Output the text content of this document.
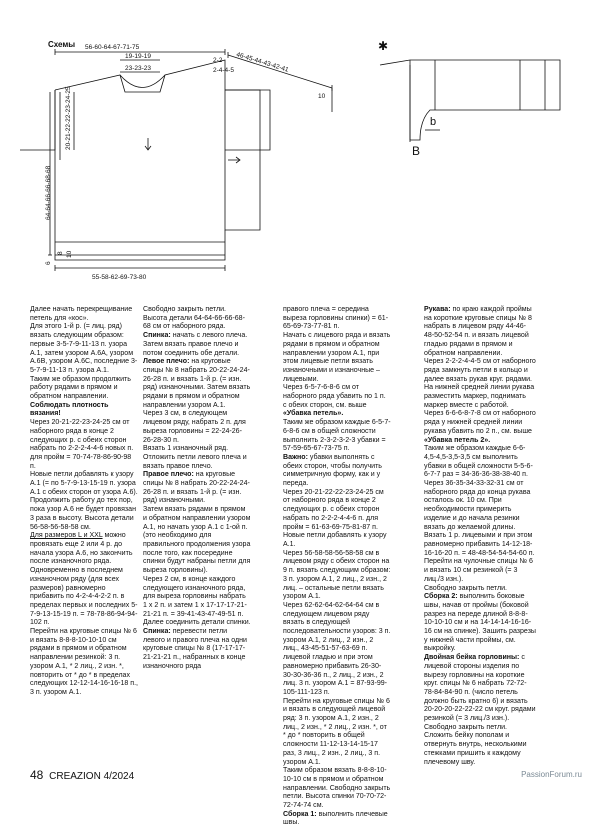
Схемы 56-60-64-67-71-75
19-19-19
23-23-23
2-2
2-4-4-5 46-45-44-43-42-41
10
20-21-22-22-23-24-25
64-64-66-66-68-68
8 10
6
55-58-62-69-73-80
✱
b
B

Далее начать перекрещивание петель для «кос».

Для этого 1-й р. (= лиц. ряд) вязать следующим образом: первые 3-5-7-9-11-13 п. узора А.1, затем узором А.6А, узором А.6В, узором А.6С, последние 3-5-7-9-11-13 п. узора А.1.

Таким же образом продолжить работу рядами в прямом и обратном направлении.

Соблюдать плотность вязания!

Через 20-21-22-23-24-25 см от наборного ряда в конце 2 следующих р. с обеих сторон набрать по 2-2-2-4-4-6 новых п. для пройм = 70-74-78-86-90-98 п.

Новые петли добавлять к узору А.1 (= по 5-7-9-13-15-19 п. узора А.1 с обеих сторон от узора А.6).

Продолжить работу до тех пор, пока узор А.6 не будет провязан 3 раза в высоту. Высота детали 56-58-56-58-58 см.

Для размеров L и XXL можно провязать еще 2 или 4 р. до начала узора А.6, но закончить после изнаночного ряда. Одновременно в последнем изнаночном ряду (для всех размеров) равномерно прибавить по 4-2-4-4-2-2 п. в пределах первых и последних 5-7-9-13-15-19 п. = 78-78-86-94-94-102 п.

Перейти на круговые спицы № 6 и вязать 8-8-8-10-10-10 см рядами в прямом и обратном направлении резинкой: 3 п. узором А.1, * 2 лиц., 2 изн. *, повторить от * до * в пределах следующих 12-12-14-16-16-18 п., 3 п. узором А.1.

Свободно закрыть петли. Высота детали 64-64-66-66-68-68 см от наборного ряда.

Спинка: начать с левого плеча. Затем вязать правое плечо и потом соединить обе детали.

Левое плечо: на круговые спицы № 8 набрать 20-22-24-24-26-28 п. и вязать 1-й р. (= изн. ряд) изнаночными. Затем вязать рядами в прямом и обратном направлении узором А.1.

Через 3 см, в следующем лицевом ряду, набрать 2 п. для выреза горловины = 22-24-26-26-28-30 п.

Вязать 1 изнаночный ряд. Отложить петли левого плеча и вязать правое плечо.

Правое плечо: на круговые спицы № 8 набрать 20-22-24-24-26-28 п. и вязать 1-й р. (= изн. ряд) изнаночными.

Затем вязать рядами в прямом и обратном направлении узором А.1, но начать узор А.1 с 1-ой п. (это необходимо для правильного продолжения узора после того, как посередине спинки будут набраны петли для выреза горловины).

Через 2 см, в конце каждого следующего изнаночного ряда, для выреза горловины набрать 1 х 2 п. и затем 1 х 17-17-17-21-21-21 п. = 39-41-43-47-49-51 п.

Далее соединить детали спинки.

Спинка: перевести петли левого и правого плеча на одни круговые спицы № 8 (17-17-17-21-21-21 п., набранных в конце изнаночного ряда

правого плеча = середина выреза горловины спинки) = 61-65-69-73-77-81 п.

Начать с лицевого ряда и вязать рядами в прямом и обратном направлении узором А.1, при этом лицевые петли вязать изнаночными и изнаночные – лицевыми.

Через 6-5-7-6-8-6 см от наборного ряда убавить по 1 п. с обеих сторон, см. выше «Убавка петель».

Таким же образом каждые 6-5-7-6-8-6 см в общей сложности выполнить 2-3-2-3-2-3 убавки = 57-59-65-67-73-75 п.

Важно: убавки выполнять с обеих сторон, чтобы получить симметричную форму, как и у переда.

Через 20-21-22-22-23-24-25 см от наборного ряда в конце 2 следующих р. с обеих сторон набрать по 2-2-2-4-4-6 п. для пройм = 61-63-69-75-81-87 п. Новые петли добавлять к узору А.1.

Через 56-58-58-56-58-58 см в лицевом ряду с обеих сторон на 9 п. вязать следующим образом: 3 п. узором А.1, 2 лиц., 2 изн., 2 лиц. – остальные петли вязать узором А.1.

Через 62-62-64-62-64-64 см в следующем лицевом ряду вязать в следующей последовательности узоров: 3 п. узором А.1, 2 лиц., 2 изн., 2 лиц., 43-45-51-57-63-69 п. лицевой гладью и при этом равномерно прибавить 26-30-30-30-36-36 п., 2 лиц., 2 изн., 2 лиц. 3 п. узором А.1 = 87-93-99-105-111-123 п.

Перейти на круговые спицы № 6 и вязать в следующей лицевой ряд: 3 п. узором А.1, 2 изн., 2 лиц., 2 изн., * 2 лиц., 2 изн. *, от * до * повторить в общей сложности 11-12-13-14-15-17 раз, 3 лиц., 2 изн., 2 лиц., 3 п. узором А.1.

Таким образом вязать 8-8-8-10-10-10 см в прямом и обратном направлении. Свободно закрыть петли. Высота спинки 70-70-72-72-74-74 см.

Сборка 1: выполнить плечевые швы.

Рукава: по краю каждой проймы на короткие круговые спицы № 8 набрать в лицевом ряду 44-46-48-50-52-54 п. и вязать лицевой гладью рядами в прямом и обратном направлении.

Через 2-2-2-4-4-5 см от наборного ряда замкнуть петли в кольцо и далее вязать рукав круг. рядами. На нижней средней линии рукава разместить маркер, поднимать маркер вместе с работой.

Через 6-6-6-8-7-8 см от наборного ряда у нижней средней линии рукава убавить по 2 п., см. выше «Убавка петель 2».

Таким же образом каждые 6-6-4,5-4,5-3,5-3,5 см выполнить убавки в общей сложности 5-5-6-6-7-7 раз = 34-36-36-38-38-40 п.

Через 36-35-34-33-32-31 см от наборного ряда до конца рукава осталось ок. 10 см. При необходимости примерить изделие и до начала резинки вязать до желаемой длины.

Вязать 1 р. лицевыми и при этом равномерно прибавить 14-12-18-16-16-20 п. = 48-48-54-54-54-60 п.

Перейти на чулочные спицы № 6 и вязать 10 см резинкой (= 3 лиц./3 изн.).

Свободно закрыть петли.

Сборка 2: выполнить боковые швы, начав от проймы (боковой разрез на переде длиной 8-8-8-10-10-10 см и на 14-14-14-16-16-16 см на спинке). Зашить разрезы у нижней части проймы, см. выкройку.

Двойная бейка горловины: с лицевой стороны изделия по вырезу горловины на короткие круг. спицы № 6 набрать 72-72-78-84-84-90 п. (число петель должно быть кратно 6) и вязать 20-20-20-22-22-22 см круг. рядами резинкой (= 3 лиц./3 изн.). Свободно закрыть петли. Сложить бейку пополам и отвернуть внутрь, несколькими стежками пришить к каждому плечевому шву.

48 CREAZION 4/2024	PassionForum.ru
